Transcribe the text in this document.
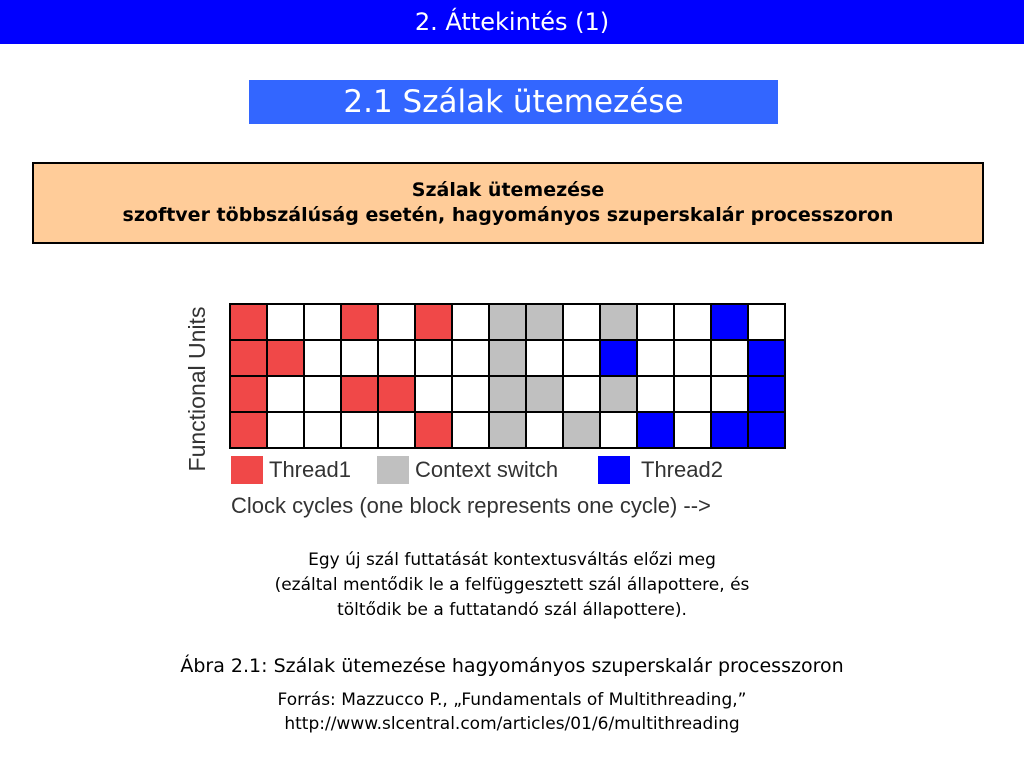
2. Áttekintés (1)
2.1 Szálak ütemezése
Szálak ütemezése
szoftver többszálúság esetén, hagyományos szuperskalár processzoron
Functional Units	Thread1	Context switch	Thread2
Clock cycles (one block represents one cycle) -->
Egy új szál futtatását kontextusváltás előzi meg
(ezáltal mentődik le a felfüggesztett szál állapottere, és
töltődik be a futtatandó szál állapottere).
Ábra 2.1: Szálak ütemezése hagyományos szuperskalár processzoron
Forrás: Mazzucco P., „Fundamentals of Multithreading,”
http://www.slcentral.com/articles/01/6/multithreading
